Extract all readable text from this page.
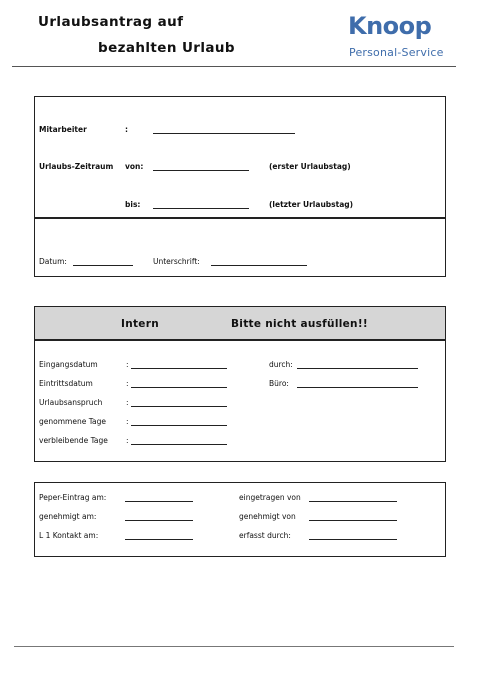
Urlaubsantrag auf
bezahlten Urlaub
Knoop
Personal-Service
Mitarbeiter	:
Urlaubs-Zeitraum von:	(erster Urlaubstag)
bis:	(letzter Urlaubstag)
Datum:	Unterschrift:
Intern	Bitte nicht ausfüllen!!
Eingangsdatum	:	durch:
Eintrittsdatum	:	Büro:
Urlaubsanspruch	:
genommene Tage	:
verbleibende Tage :
Peper-Eintrag am:	eingetragen von
genehmigt am:	genehmigt von
L 1 Kontakt am:	erfasst durch:
